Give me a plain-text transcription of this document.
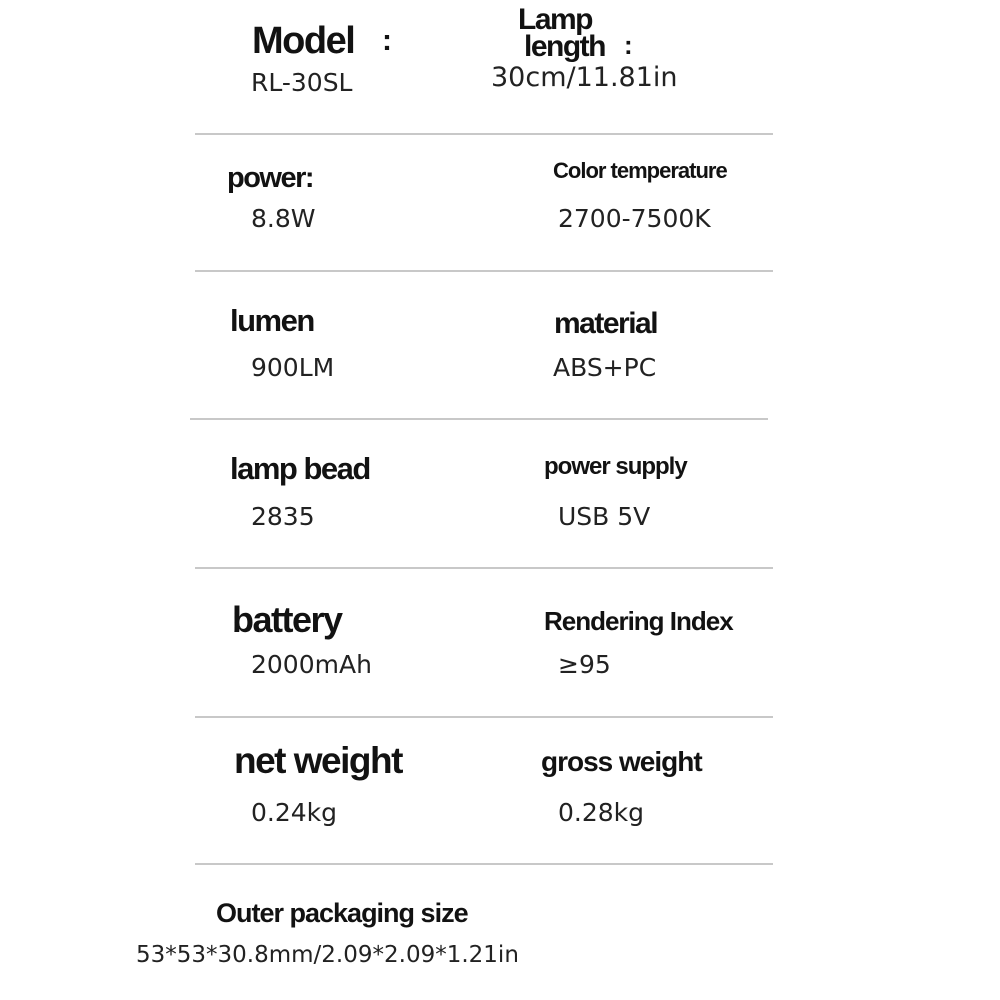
Model :
RL-30SL
Lamp
length :
30cm/11.81in
power:
8.8W
Color temperature
2700-7500K
lumen
900LM
material
ABS+PC
lamp bead
2835
power supply
USB 5V
battery
2000mAh
Rendering Index
≥95
net weight
0.24kg
gross weight
0.28kg
Outer packaging size
53*53*30.8mm/2.09*2.09*1.21in
